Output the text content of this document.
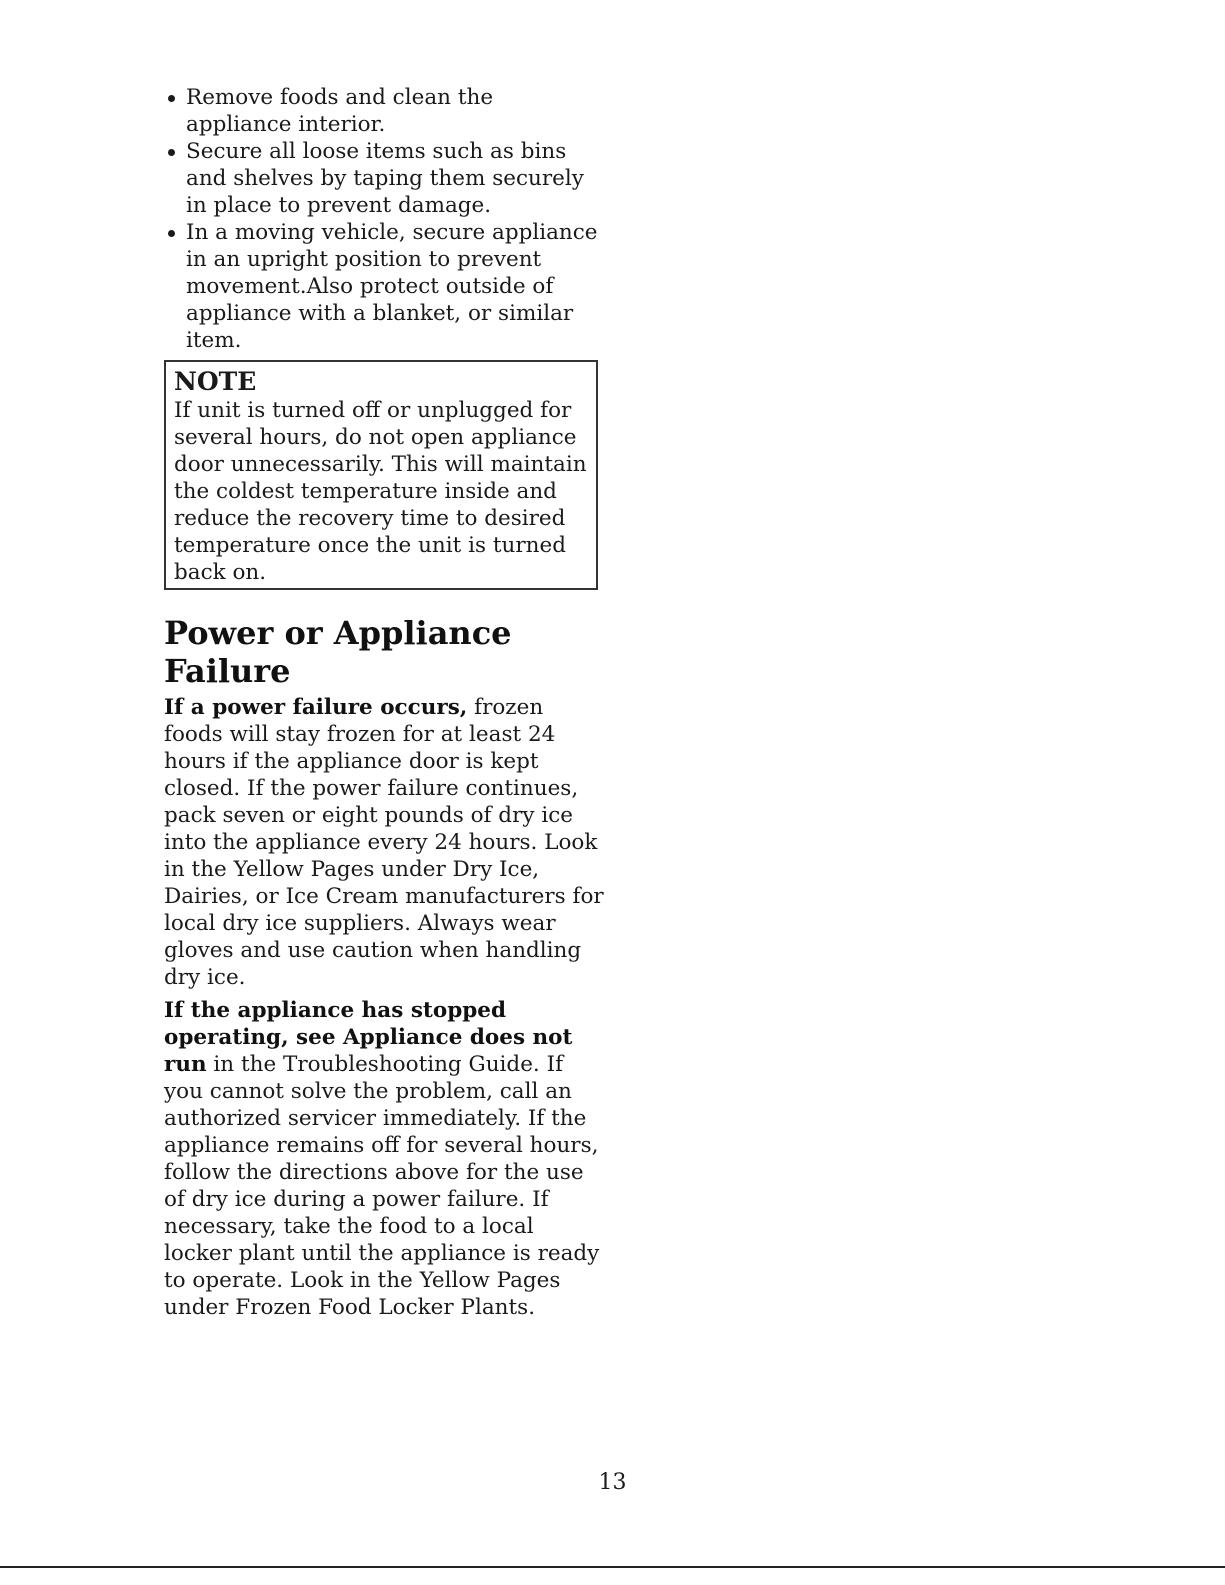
Remove foods and clean the appliance interior.
Secure all loose items such as bins and shelves by taping them securely in place to prevent damage.
In a moving vehicle, secure appliance in an upright position to prevent movement.Also protect outside of appliance with a blanket, or similar item.
NOTE
If unit is turned off or unplugged for several hours, do not open appliance door unnecessarily. This will maintain the coldest temperature inside and reduce the recovery time to desired temperature once the unit is turned back on.
Power or Appliance Failure

If a power failure occurs, frozen foods will stay frozen for at least 24 hours if the appliance door is kept closed. If the power failure continues, pack seven or eight pounds of dry ice into the appliance every 24 hours. Look in the Yellow Pages under Dry Ice, Dairies, or Ice Cream manufacturers for local dry ice suppliers. Always wear gloves and use caution when handling dry ice.

If the appliance has stopped operating, see Appliance does not run in the Troubleshooting Guide. If you cannot solve the problem, call an authorized servicer immediately. If the appliance remains off for several hours, follow the directions above for the use of dry ice during a power failure. If necessary, take the food to a local locker plant until the appliance is ready to operate. Look in the Yellow Pages under Frozen Food Locker Plants.

13
